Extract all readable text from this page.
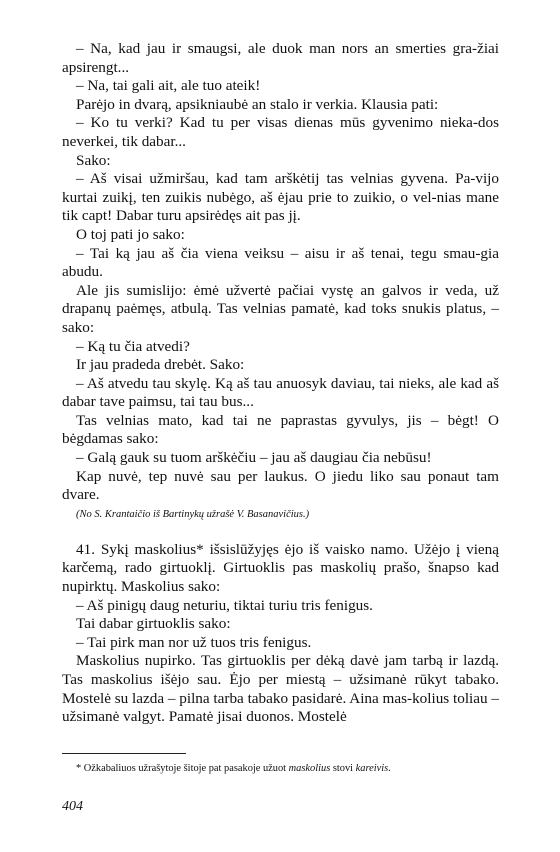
– Na, kad jau ir smaugsi, ale duok man nors an smerties gra-žiai apsirengt...

– Na, tai gali ait, ale tuo ateik!

Parėjo in dvarą, apsikniaubė an stalo ir verkia. Klausia pati:

– Ko tu verki? Kad tu per visas dienas mūs gyvenimo nieka-dos neverkei, tik dabar...

Sako:

– Aš visai užmiršau, kad tam arškėtij tas velnias gyvena. Pa-vijo kurtai zuikį, ten zuikis nubėgo, aš ėjau prie to zuikio, o vel-nias mane tik capt! Dabar turu apsirėdęs ait pas jį.

O toj pati jo sako:

– Tai ką jau aš čia viena veiksu – aisu ir aš tenai, tegu smau-gia abudu.

Ale jis sumislijo: ėmė užvertė pačiai vystę an galvos ir veda, už drapanų paėmęs, atbulą. Tas velnias pamatė, kad toks snukis platus, – sako:

– Ką tu čia atvedi?

Ir jau pradeda drebėt. Sako:

– Aš atvedu tau skylę. Ką aš tau anuosyk daviau, tai nieks, ale kad aš dabar tave paimsu, tai tau bus...

Tas velnias mato, kad tai ne paprastas gyvulys, jis – bėgt! O bėgdamas sako:

– Galą gauk su tuom arškėčiu – jau aš daugiau čia nebūsu!

Kap nuvė, tep nuvė sau per laukus. O jiedu liko sau ponaut tam dvare.

(No S. Krantaičio iš Bartinykų užrašė V. Basanavičius.)

41. Sykį maskolius* išsislūžyjęs ėjo iš vaisko namo. Užėjo į vieną karčemą, rado girtuoklį. Girtuoklis pas maskolių prašo, šnapso kad nupirktų. Maskolius sako:

– Aš pinigų daug neturiu, tiktai turiu tris fenigus.

Tai dabar girtuoklis sako:

– Tai pirk man nor už tuos tris fenigus.

Maskolius nupirko. Tas girtuoklis per dėką davė jam tarbą ir lazdą. Tas maskolius išėjo sau. Ėjo per miestą – užsimanė rūkyt tabako. Mostelė su lazda – pilna tarba tabako pasidarė. Aina mas-kolius toliau – užsimanė valgyt. Pamatė jisai duonos. Mostelė

* Ožkabaliuos užrašytoje šitoje pat pasakoje užuot maskolius stovi kareivis.
404
